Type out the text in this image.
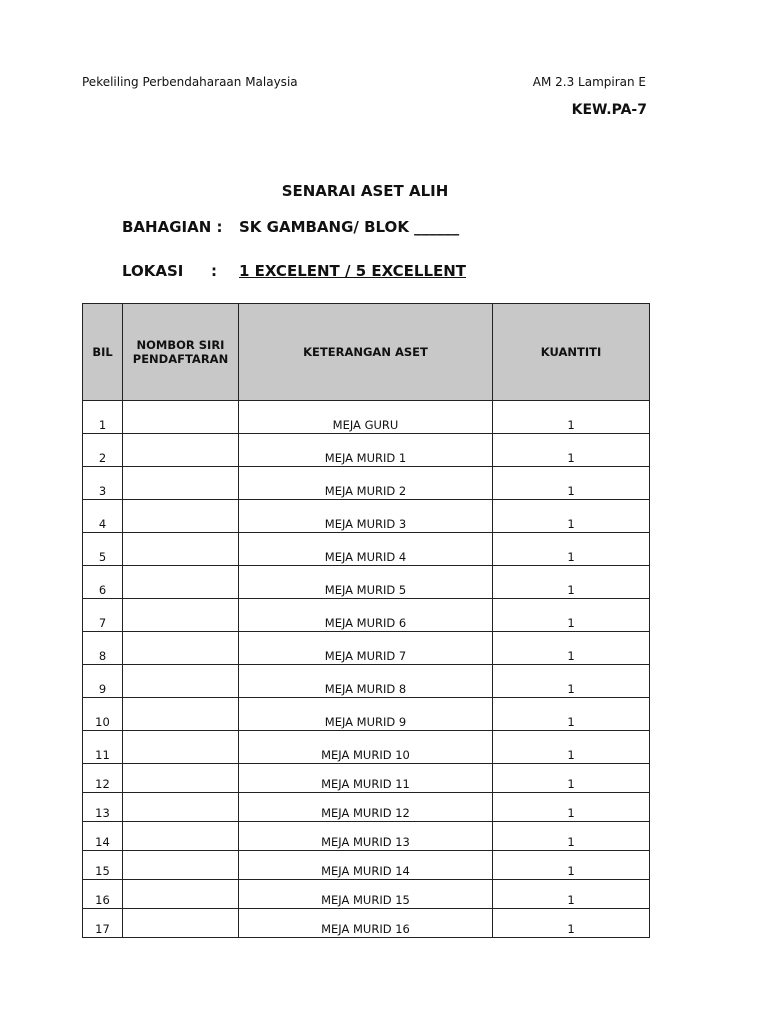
Pekeliling Perbendaharaan Malaysia	AM 2.3 Lampiran E
KEW.PA-7
SENARAI ASET ALIH
BAHAGIAN : SK GAMBANG/ BLOK ______
LOKASI : 1 EXCELENT / 5 EXCELLENT
BIL	NOMBOR SIRI PENDAFTARAN	KETERANGAN ASET	KUANTITI
1		MEJA GURU	1
2		MEJA MURID 1	1
3		MEJA MURID 2	1
4		MEJA MURID 3	1
5		MEJA MURID 4	1
6		MEJA MURID 5	1
7		MEJA MURID 6	1
8		MEJA MURID 7	1
9		MEJA MURID 8	1
10		MEJA MURID 9	1
11		MEJA MURID 10	1
12		MEJA MURID 11	1
13		MEJA MURID 12	1
14		MEJA MURID 13	1
15		MEJA MURID 14	1
16		MEJA MURID 15	1
17		MEJA MURID 16	1
